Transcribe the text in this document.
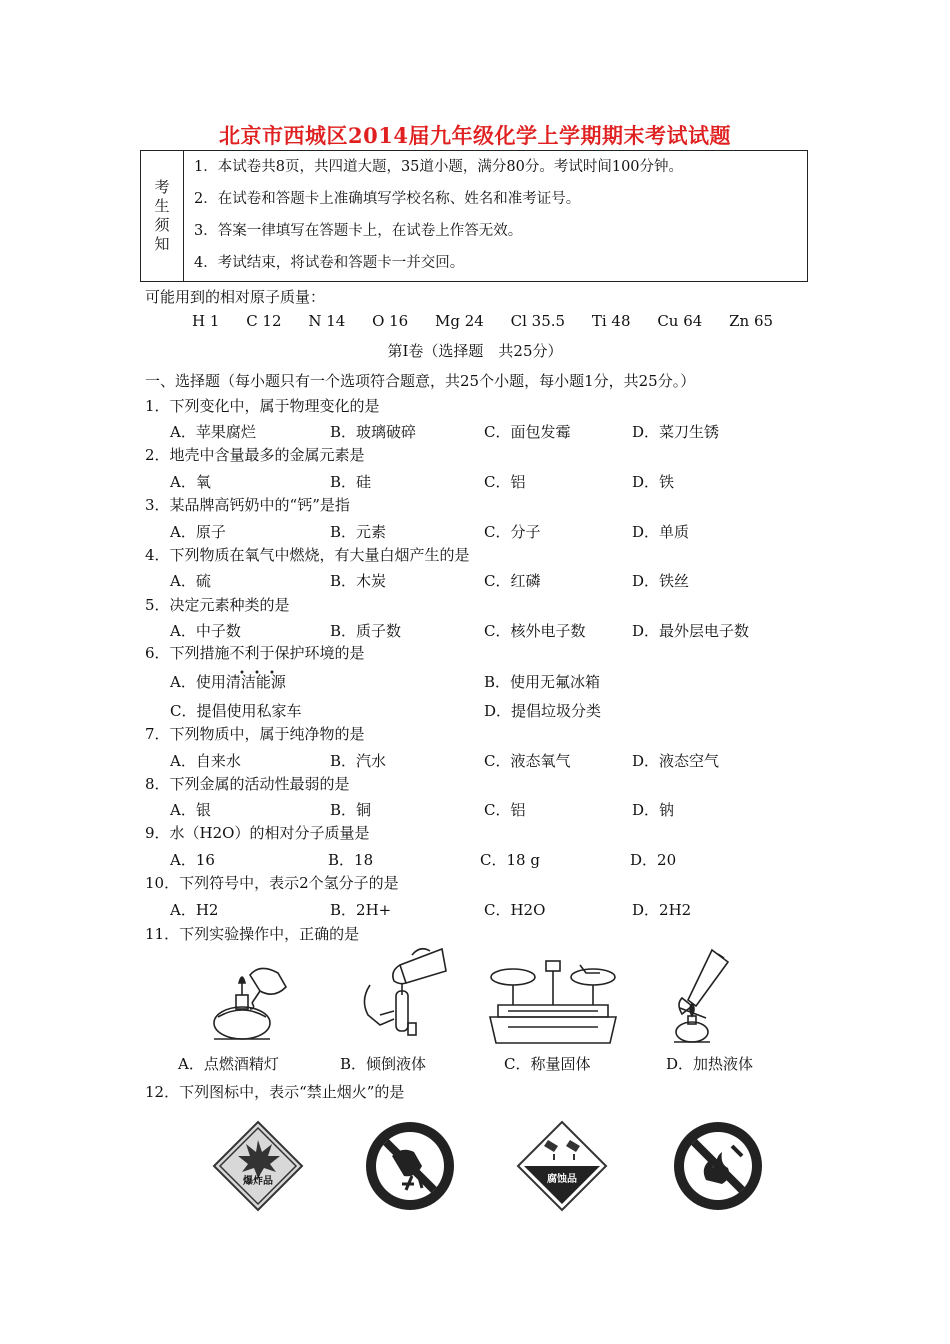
北京市西城区2014届九年级化学上学期期末考试试题
考
生
须
知
1．本试卷共8页，共四道大题，35道小题，满分80分。考试时间100分钟。
2．在试卷和答题卡上准确填写学校名称、姓名和准考证号。
3．答案一律填写在答题卡上，在试卷上作答无效。
4．考试结束，将试卷和答题卡一并交回。
可能用到的相对原子质量：
H 1 C 12 N 14 O 16 Mg 24 Cl 35.5 Ti 48 Cu 64 Zn 65
第Ⅰ卷（选择题　共25分）
一、选择题（每小题只有一个选项符合题意，共25个小题，每小题1分，共25分。）
1．下列变化中，属于物理变化的是
A．苹果腐烂	B．玻璃破碎	C．面包发霉	D．菜刀生锈
2．地壳中含量最多的金属元素是
A．氧	B．硅	C．铝	D．铁
3．某品牌高钙奶中的“钙”是指
A．原子	B．元素	C．分子	D．单质
4．下列物质在氧气中燃烧，有大量白烟产生的是
A．硫	B．木炭	C．红磷	D．铁丝
5．决定元素种类的是
A．中子数	B．质子数	C．核外电子数	D．最外层电子数
6．下列措施不利于保护环境的是
A．使用清洁能源	B．使用无氟冰箱
C．提倡使用私家车	D．提倡垃圾分类
7．下列物质中，属于纯净物的是
A．自来水	B．汽水	C．液态氧气	D．液态空气
8．下列金属的活动性最弱的是
A．银	B．铜	C．铝	D．钠
9．水（H2O）的相对分子质量是
A．16	B．18	C．18 g	D．20
10．下列符号中，表示2个氢分子的是
A．H2	B．2H+	C．H2O	D．2H2
11．下列实验操作中，正确的是
A．点燃酒精灯	B．倾倒液体	C．称量固体	D．加热液体
12．下列图标中，表示“禁止烟火”的是
爆炸品	腐蚀品
